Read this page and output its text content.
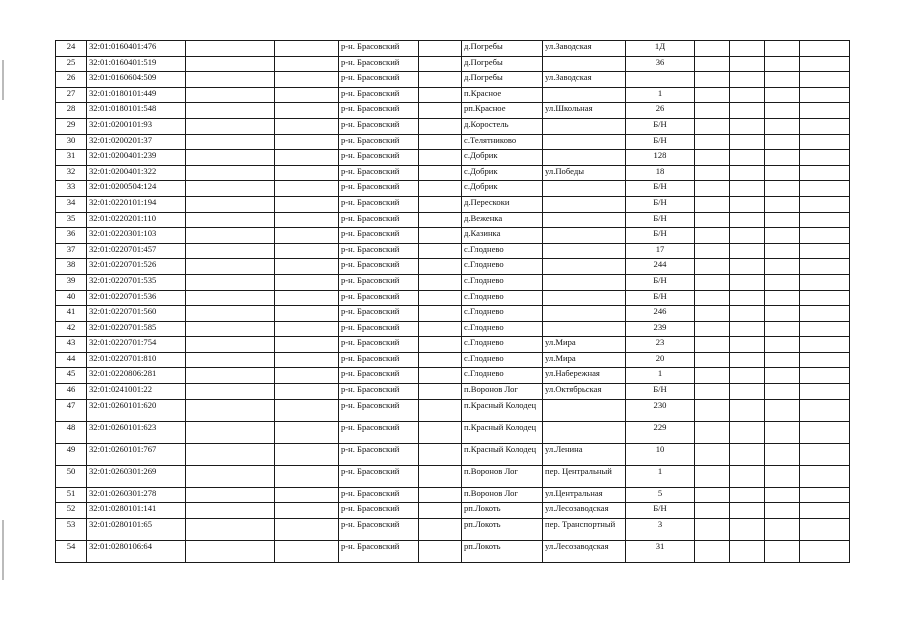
24	32:01:0160401:476			р-н. Брасовский		д.Погребы	ул.Заводская	1Д				
25	32:01:0160401:519			р-н. Брасовский		д.Погребы		36				
26	32:01:0160604:509			р-н. Брасовский		д.Погребы	ул.Заводская					
27	32:01:0180101:449			р-н. Брасовский		п.Красное		1				
28	32:01:0180101:548			р-н. Брасовский		рп.Красное	ул.Школьная	26				
29	32:01:0200101:93			р-н. Брасовский		д.Коростель		Б/Н				
30	32:01:0200201:37			р-н. Брасовский		с.Телятниково		Б/Н				
31	32:01:0200401:239			р-н. Брасовский		с.Добрик		128				
32	32:01:0200401:322			р-н. Брасовский		с.Добрик	ул.Победы	18				
33	32:01:0200504:124			р-н. Брасовский		с.Добрик		Б/Н				
34	32:01:0220101:194			р-н. Брасовский		д.Перескоки		Б/Н				
35	32:01:0220201:110			р-н. Брасовский		д.Веженка		Б/Н				
36	32:01:0220301:103			р-н. Брасовский		д.Казинка		Б/Н				
37	32:01:0220701:457			р-н. Брасовский		с.Глоднево		17				
38	32:01:0220701:526			р-н. Брасовский		с.Глоднево		244				
39	32:01:0220701:535			р-н. Брасовский		с.Глоднево		Б/Н				
40	32:01:0220701:536			р-н. Брасовский		с.Глоднево		Б/Н				
41	32:01:0220701:560			р-н. Брасовский		с.Глоднево		246				
42	32:01:0220701:585			р-н. Брасовский		с.Глоднево		239				
43	32:01:0220701:754			р-н. Брасовский		с.Глоднево	ул.Мира	23				
44	32:01:0220701:810			р-н. Брасовский		с.Глоднево	ул.Мира	20				
45	32:01:0220806:281			р-н. Брасовский		с.Глоднево	ул.Набережная	1				
46	32:01:0241001:22			р-н. Брасовский		п.Воронов Лог	ул.Октябрьская	Б/Н				
47	32:01:0260101:620			р-н. Брасовский		п.Красный Колодец		230				
48	32:01:0260101:623			р-н. Брасовский		п.Красный Колодец		229				
49	32:01:0260101:767			р-н. Брасовский		п.Красный Колодец	ул.Ленина	10				
50	32:01:0260301:269			р-н. Брасовский		п.Воронов Лог	пер. Центральный	1				
51	32:01:0260301:278			р-н. Брасовский		п.Воронов Лог	ул.Центральная	5				
52	32:01:0280101:141			р-н. Брасовский		рп.Локоть	ул.Лесозаводская	Б/Н				
53	32:01:0280101:65			р-н. Брасовский		рп.Локоть	пер. Транспортный	3				
54	32:01:0280106:64			р-н. Брасовский		рп.Локоть	ул.Лесозаводская	31				
